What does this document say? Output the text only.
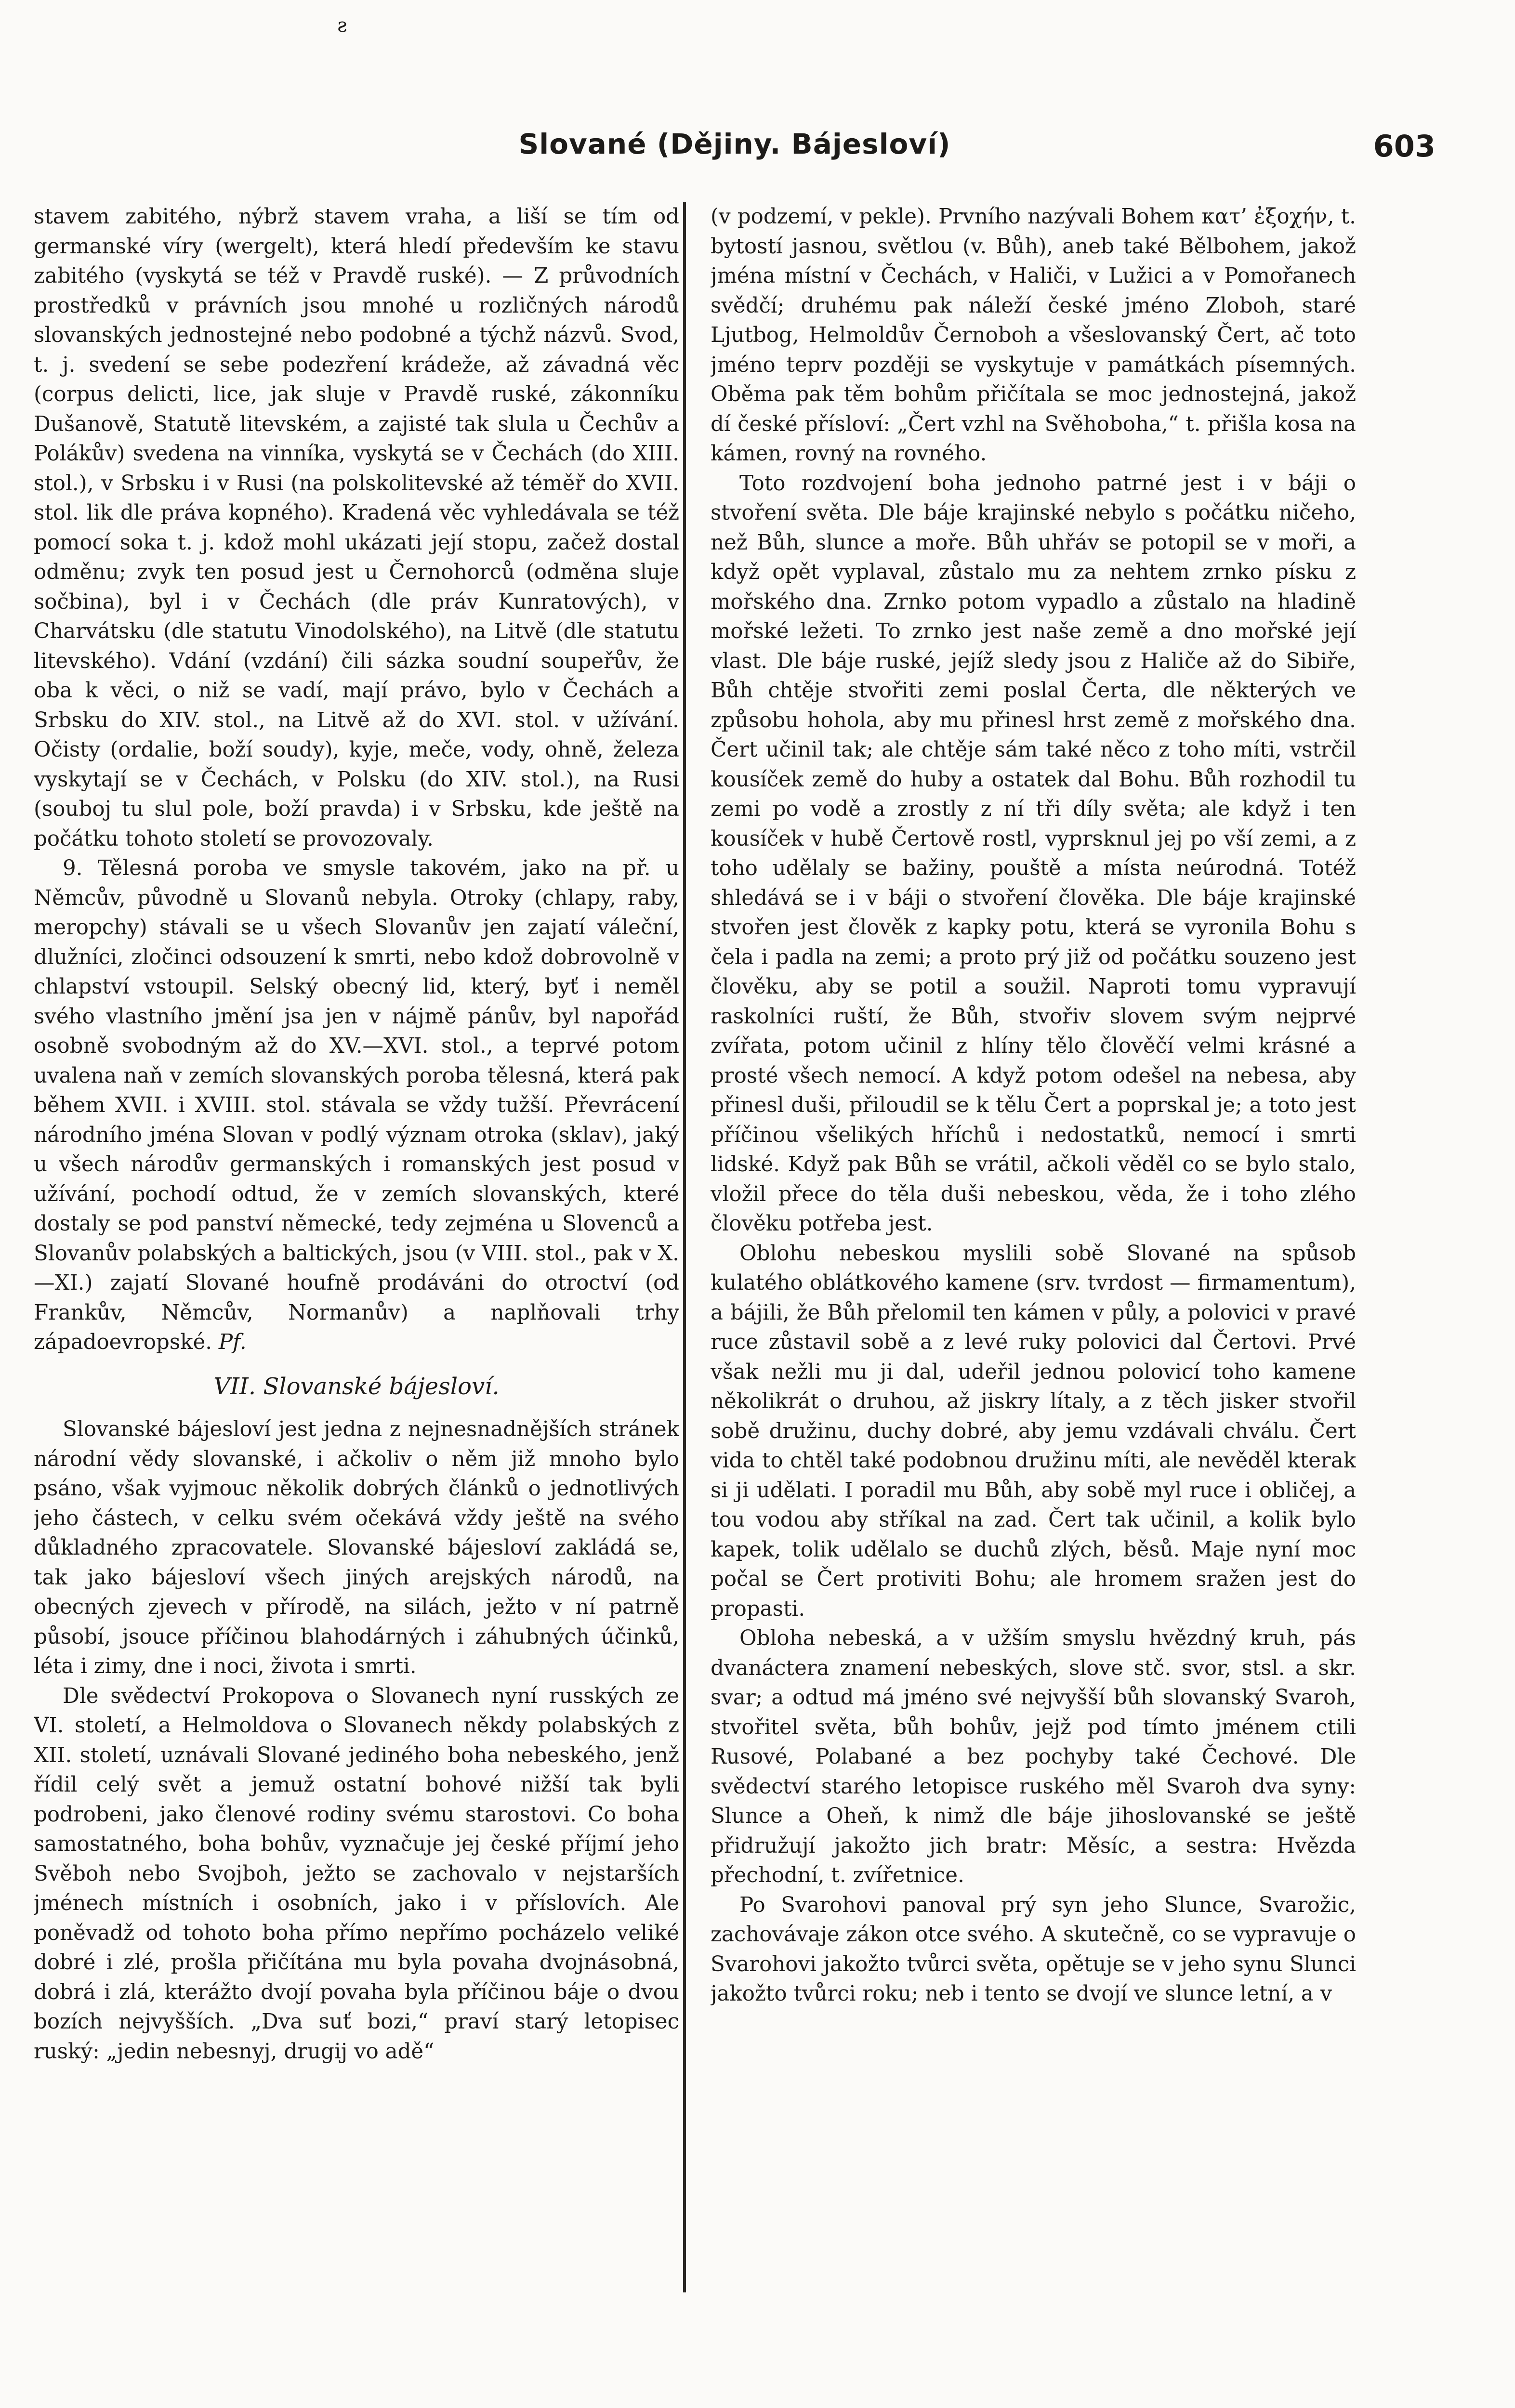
ƨ
Slované (Dějiny. Bájesloví)	603

stavem zabitého, nýbrž stavem vraha, a liší se tím od germanské víry (wergelt), která hledí především ke stavu zabitého (vyskytá se též v Pravdě ruské). — Z průvodních prostředků v právních jsou mnohé u rozličných národů slovanských jednostejné nebo podobné a týchž názvů. Svod, t. j. svedení se sebe podezření krádeže, až závadná věc (corpus delicti, lice, jak sluje v Pravdě ruské, zákonníku Dušanově, Statutě litevském, a zajisté tak slula u Čechův a Polákův) svedena na vinníka, vyskytá se v Čechách (do XIII. stol.), v Srbsku i v Rusi (na polskolitevské až téměř do XVII. stol. lik dle práva kopného). Kradená věc vyhledávala se též pomocí soka t. j. kdož mohl ukázati její stopu, začež dostal odměnu; zvyk ten posud jest u Černohorců (odměna sluje sočbina), byl i v Čechách (dle práv Kunratových), v Charvátsku (dle statutu Vinodolského), na Litvě (dle statutu litevského). Vdání (vzdání) čili sázka soudní soupeřův, že oba k věci, o niž se vadí, mají právo, bylo v Čechách a Srbsku do XIV. stol., na Litvě až do XVI. stol. v užívání. Očisty (ordalie, boží soudy), kyje, meče, vody, ohně, železa vyskytají se v Čechách, v Polsku (do XIV. stol.), na Rusi (souboj tu slul pole, boží pravda) i v Srbsku, kde ještě na počátku tohoto století se provozovaly.

9. Tělesná poroba ve smysle takovém, jako na př. u Němcův, původně u Slovanů nebyla. Otroky (chlapy, raby, meropchy) stávali se u všech Slovanův jen zajatí váleční, dlužníci, zločinci odsouzení k smrti, nebo kdož dobrovolně v chlapství vstoupil. Selský obecný lid, který, byť i neměl svého vlastního jmění jsa jen v nájmě pánův, byl napořád osobně svobodným až do XV.—XVI. stol., a teprvé potom uvalena naň v zemích slovanských poroba tělesná, která pak během XVII. i XVIII. stol. stávala se vždy tužší. Převrácení národního jména Slovan v podlý význam otroka (sklav), jaký u všech národův germanských i romanských jest posud v užívání, pochodí odtud, že v zemích slovanských, které dostaly se pod panství německé, tedy zejména u Slovenců a Slovanův polabských a baltických, jsou (v VIII. stol., pak v X.—XI.) zajatí Slované houfně prodáváni do otroctví (od Frankův, Němcův, Normanův) a naplňovali trhy západoevropské. Pf.

VII. Slovanské bájesloví.

Slovanské bájesloví jest jedna z nejnesnadnějších stránek národní vědy slovanské, i ačkoliv o něm již mnoho bylo psáno, však vyjmouc několik dobrých článků o jednotlivých jeho částech, v celku svém očekává vždy ještě na svého důkladného zpracovatele. Slovanské bájesloví zakládá se, tak jako bájesloví všech jiných arejských národů, na obecných zjevech v přírodě, na silách, ježto v ní patrně působí, jsouce příčinou blahodárných i záhubných účinků, léta i zimy, dne i noci, života i smrti.

Dle svědectví Prokopova o Slovanech nyní rusských ze VI. století, a Helmoldova o Slovanech někdy polabských z XII. století, uznávali Slované jediného boha nebeského, jenž řídil celý svět a jemuž ostatní bohové nižší tak byli podrobeni, jako členové rodiny svému starostovi. Co boha samostatného, boha bohův, vyznačuje jej české příjmí jeho Svěboh nebo Svojboh, ježto se zachovalo v nejstarších jménech místních i osobních, jako i v příslovích. Ale poněvadž od tohoto boha přímo nepřímo pocházelo veliké dobré i zlé, prošla přičítána mu byla povaha dvojnásobná, dobrá i zlá, kterážto dvojí povaha byla příčinou báje o dvou bozích nejvyšších. „Dva suť bozi,“ praví starý letopisec ruský: „jedin nebesnyj, drugij vo adě“

(v podzemí, v pekle). Prvního nazývali Bohem κατ’ ἐξοχήν, t. bytostí jasnou, světlou (v. Bůh), aneb také Bělbohem, jakož jména místní v Čechách, v Haliči, v Lužici a v Pomořanech svědčí; druhému pak náleží české jméno Zloboh, staré Ljutbog, Helmoldův Černoboh a všeslovanský Čert, ač toto jméno teprv později se vyskytuje v památkách písemných. Oběma pak těm bohům přičítala se moc jednostejná, jakož dí české přísloví: „Čert vzhl na Svěhoboha,“ t. přišla kosa na kámen, rovný na rovného.

Toto rozdvojení boha jednoho patrné jest i v báji o stvoření světa. Dle báje krajinské nebylo s počátku ničeho, než Bůh, slunce a moře. Bůh uhřáv se potopil se v moři, a když opět vyplaval, zůstalo mu za nehtem zrnko písku z mořského dna. Zrnko potom vypadlo a zůstalo na hladině mořské ležeti. To zrnko jest naše země a dno mořské její vlast. Dle báje ruské, jejíž sledy jsou z Haliče až do Sibiře, Bůh chtěje stvořiti zemi poslal Čerta, dle některých ve způsobu hohola, aby mu přinesl hrst země z mořského dna. Čert učinil tak; ale chtěje sám také něco z toho míti, vstrčil kousíček země do huby a ostatek dal Bohu. Bůh rozhodil tu zemi po vodě a zrostly z ní tři díly světa; ale když i ten kousíček v hubě Čertově rostl, vyprsknul jej po vší zemi, a z toho udělaly se bažiny, pouště a místa neúrodná. Totéž shledává se i v báji o stvoření člověka. Dle báje krajinské stvořen jest člověk z kapky potu, která se vyronila Bohu s čela i padla na zemi; a proto prý již od počátku souzeno jest člověku, aby se potil a soužil. Naproti tomu vypravují raskolníci ruští, že Bůh, stvořiv slovem svým nejprvé zvířata, potom učinil z hlíny tělo člověčí velmi krásné a prosté všech nemocí. A když potom odešel na nebesa, aby přinesl duši, přiloudil se k tělu Čert a poprskal je; a toto jest příčinou všelikých hříchů i nedostatků, nemocí i smrti lidské. Když pak Bůh se vrátil, ačkoli věděl co se bylo stalo, vložil přece do těla duši nebeskou, věda, že i toho zlého člověku potřeba jest.

Oblohu nebeskou myslili sobě Slované na spůsob kulatého oblátkového kamene (srv. tvrdost — firmamentum), a bájili, že Bůh přelomil ten kámen v půly, a polovici v pravé ruce zůstavil sobě a z levé ruky polovici dal Čertovi. Prvé však nežli mu ji dal, udeřil jednou polovicí toho kamene několikrát o druhou, až jiskry lítaly, a z těch jisker stvořil sobě družinu, duchy dobré, aby jemu vzdávali chválu. Čert vida to chtěl také podobnou družinu míti, ale nevěděl kterak si ji udělati. I poradil mu Bůh, aby sobě myl ruce i obličej, a tou vodou aby stříkal na zad. Čert tak učinil, a kolik bylo kapek, tolik udělalo se duchů zlých, běsů. Maje nyní moc počal se Čert protiviti Bohu; ale hromem sražen jest do propasti.

Obloha nebeská, a v užším smyslu hvězdný kruh, pás dvanáctera znamení nebeských, slove stč. svor, stsl. a skr. svar; a odtud má jméno své nejvyšší bůh slovanský Svaroh, stvořitel světa, bůh bohův, jejž pod tímto jménem ctili Rusové, Polabané a bez pochyby také Čechové. Dle svědectví starého letopisce ruského měl Svaroh dva syny: Slunce a Oheň, k nimž dle báje jihoslovanské se ještě přidružují jakožto jich bratr: Měsíc, a sestra: Hvězda přechodní, t. zvířetnice.

Po Svarohovi panoval prý syn jeho Slunce, Svarožic, zachovávaje zákon otce svého. A skutečně, co se vypravuje o Svarohovi jakožto tvůrci světa, opětuje se v jeho synu Slunci jakožto tvůrci roku; neb i tento se dvojí ve slunce letní, a v
